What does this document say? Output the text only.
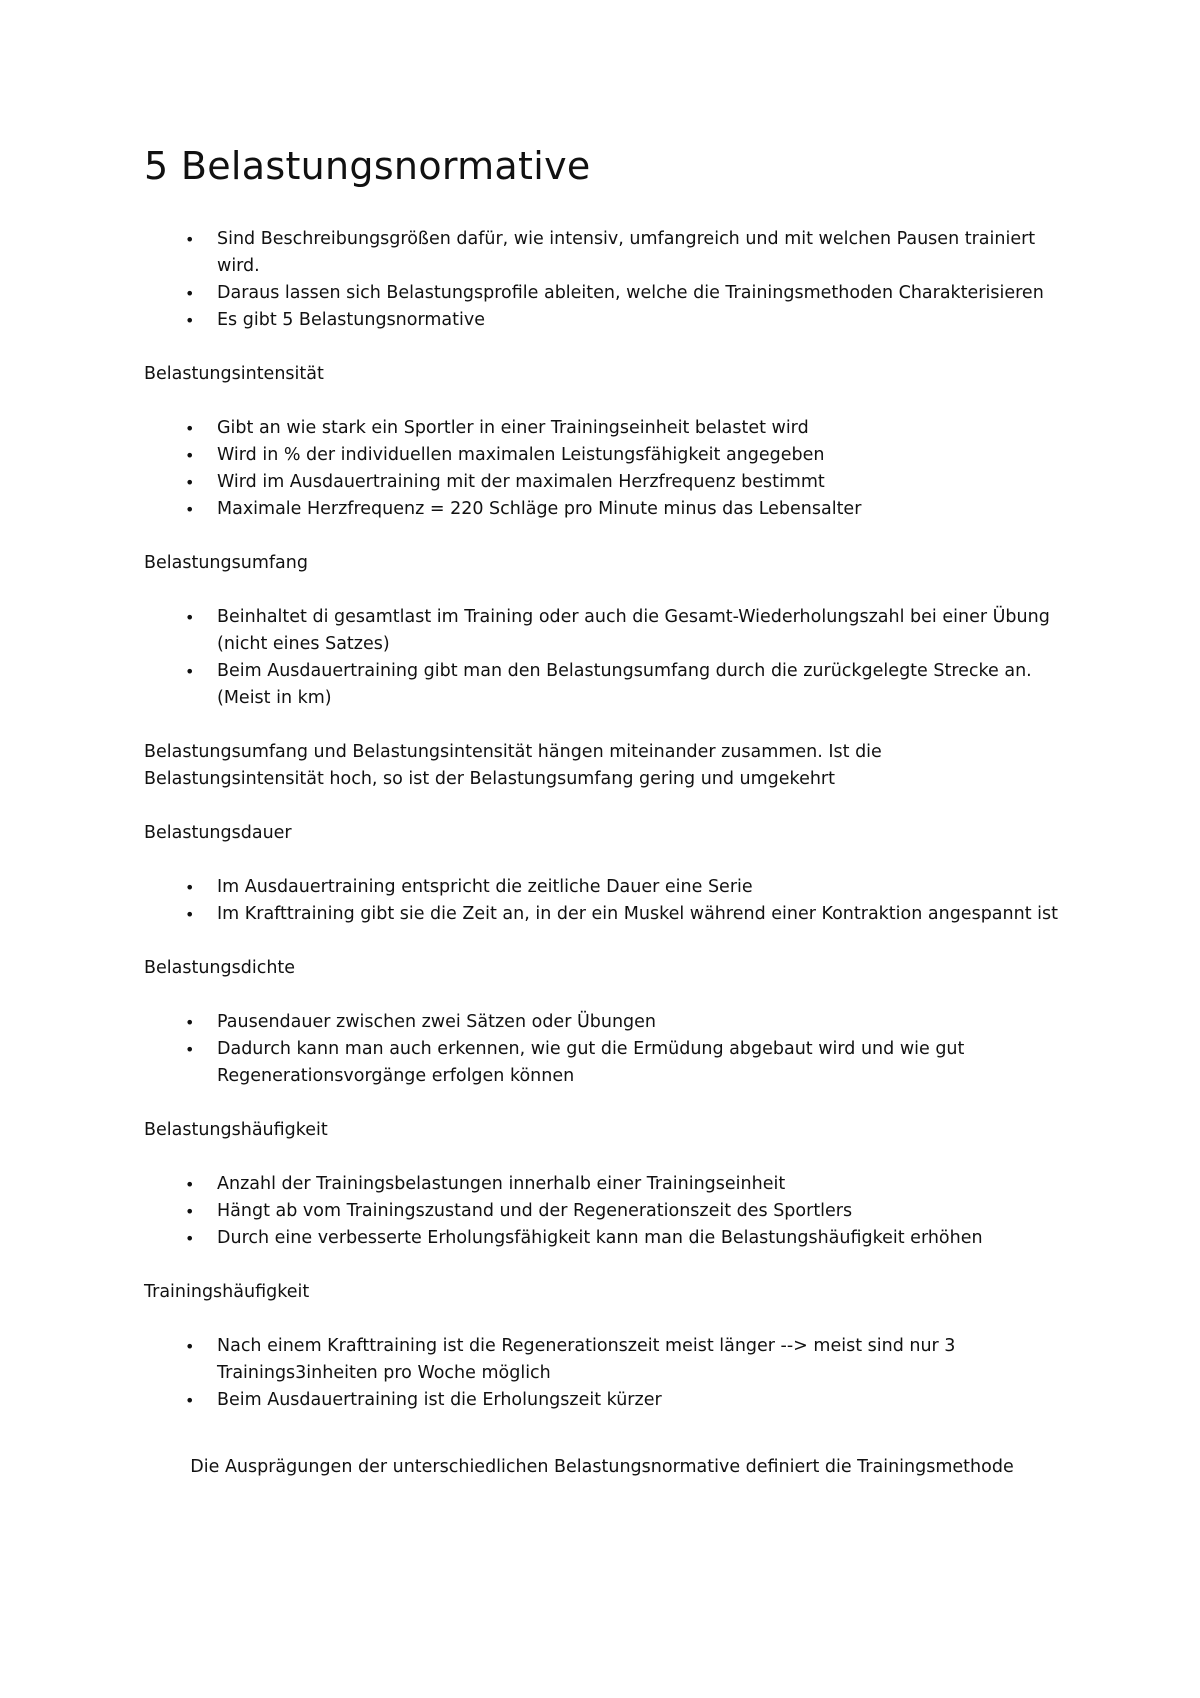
5 Belastungsnormative
• Sind Beschreibungsgrößen dafür, wie intensiv, umfangreich und mit welchen Pausen trainiert wird.
• Daraus lassen sich Belastungsprofile ableiten, welche die Trainingsmethoden Charakterisieren
• Es gibt 5 Belastungsnormative

Belastungsintensität

• Gibt an wie stark ein Sportler in einer Trainingseinheit belastet wird
• Wird in % der individuellen maximalen Leistungsfähigkeit angegeben
• Wird im Ausdauertraining mit der maximalen Herzfrequenz bestimmt
• Maximale Herzfrequenz = 220 Schläge pro Minute minus das Lebensalter

Belastungsumfang

• Beinhaltet di gesamtlast im Training oder auch die Gesamt-Wiederholungszahl bei einer Übung (nicht eines Satzes)
• Beim Ausdauertraining gibt man den Belastungsumfang durch die zurückgelegte Strecke an. (Meist in km)

Belastungsumfang und Belastungsintensität hängen miteinander zusammen. Ist die Belastungsintensität hoch, so ist der Belastungsumfang gering und umgekehrt

Belastungsdauer

• Im Ausdauertraining entspricht die zeitliche Dauer eine Serie
• Im Krafttraining gibt sie die Zeit an, in der ein Muskel während einer Kontraktion angespannt ist

Belastungsdichte

• Pausendauer zwischen zwei Sätzen oder Übungen
• Dadurch kann man auch erkennen, wie gut die Ermüdung abgebaut wird und wie gut Regenerationsvorgänge erfolgen können

Belastungshäufigkeit

• Anzahl der Trainingsbelastungen innerhalb einer Trainingseinheit
• Hängt ab vom Trainingszustand und der Regenerationszeit des Sportlers
• Durch eine verbesserte Erholungsfähigkeit kann man die Belastungshäufigkeit erhöhen

Trainingshäufigkeit

• Nach einem Krafttraining ist die Regenerationszeit meist länger --> meist sind nur 3 Trainings3inheiten pro Woche möglich
• Beim Ausdauertraining ist die Erholungszeit kürzer

Die Ausprägungen der unterschiedlichen Belastungsnormative definiert die Trainingsmethode
